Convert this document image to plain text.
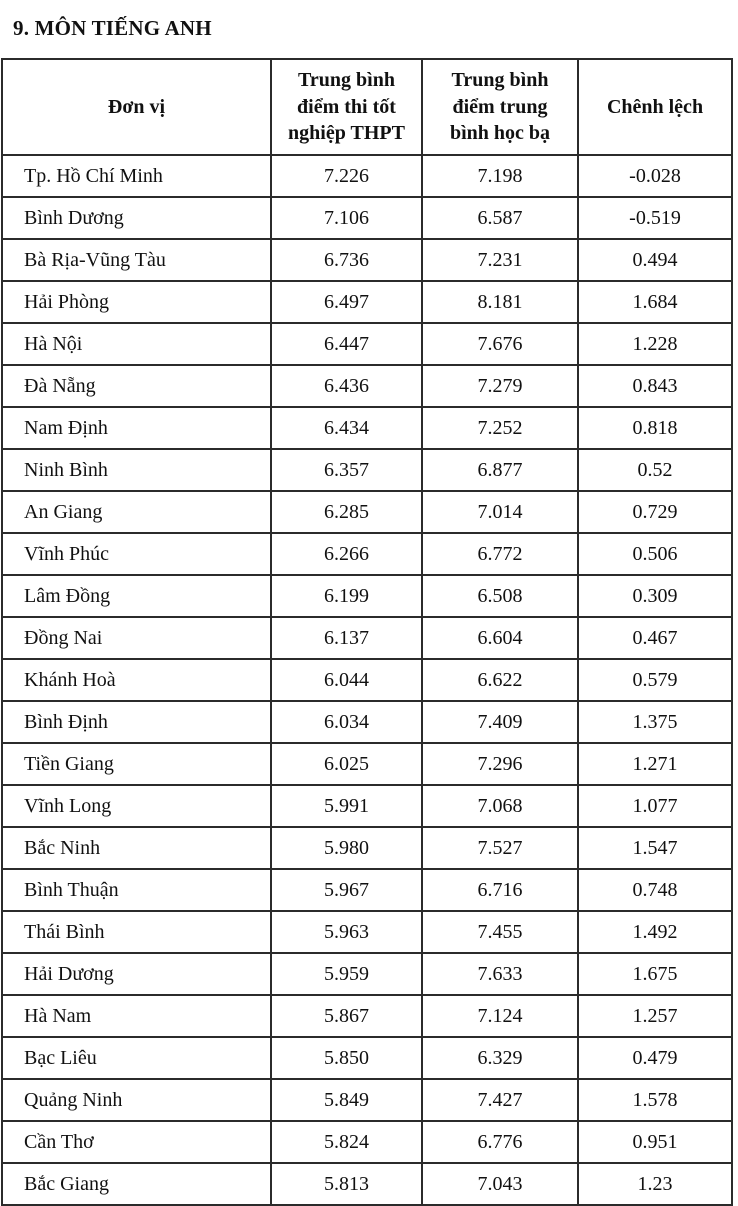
9. MÔN TIẾNG ANH
Đơn vị	Trung bình điểm thi tốt nghiệp THPT	Trung bình điểm trung bình học bạ	Chênh lệch
Tp. Hồ Chí Minh	7.226	7.198	-0.028
Bình Dương	7.106	6.587	-0.519
Bà Rịa-Vũng Tàu	6.736	7.231	0.494
Hải Phòng	6.497	8.181	1.684
Hà Nội	6.447	7.676	1.228
Đà Nẵng	6.436	7.279	0.843
Nam Định	6.434	7.252	0.818
Ninh Bình	6.357	6.877	0.52
An Giang	6.285	7.014	0.729
Vĩnh Phúc	6.266	6.772	0.506
Lâm Đồng	6.199	6.508	0.309
Đồng Nai	6.137	6.604	0.467
Khánh Hoà	6.044	6.622	0.579
Bình Định	6.034	7.409	1.375
Tiền Giang	6.025	7.296	1.271
Vĩnh Long	5.991	7.068	1.077
Bắc Ninh	5.980	7.527	1.547
Bình Thuận	5.967	6.716	0.748
Thái Bình	5.963	7.455	1.492
Hải Dương	5.959	7.633	1.675
Hà Nam	5.867	7.124	1.257
Bạc Liêu	5.850	6.329	0.479
Quảng Ninh	5.849	7.427	1.578
Cần Thơ	5.824	6.776	0.951
Bắc Giang	5.813	7.043	1.23
